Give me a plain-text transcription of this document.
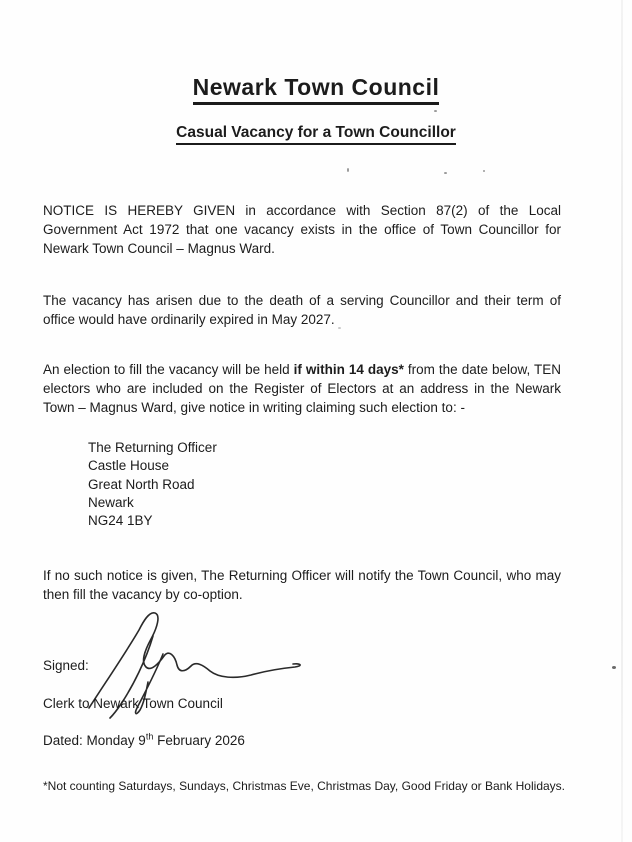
Newark Town Council
Casual Vacancy for a Town Councillor

NOTICE IS HEREBY GIVEN in accordance with Section 87(2) of the Local Government Act 1972 that one vacancy exists in the office of Town Councillor for Newark Town Council – Magnus Ward.

The vacancy has arisen due to the death of a serving Councillor and their term of office would have ordinarily expired in May 2027.

An election to fill the vacancy will be held if within 14 days* from the date below, TEN electors who are included on the Register of Electors at an address in the Newark Town – Magnus Ward, give notice in writing claiming such election to: -

The Returning Officer
Castle House
Great North Road
Newark
NG24 1BY

If no such notice is given, The Returning Officer will notify the Town Council, who may then fill the vacancy by co-option.

Signed:
Clerk to Newark Town Council
Dated: Monday 9th February 2026
*Not counting Saturdays, Sundays, Christmas Eve, Christmas Day, Good Friday or Bank Holidays.
